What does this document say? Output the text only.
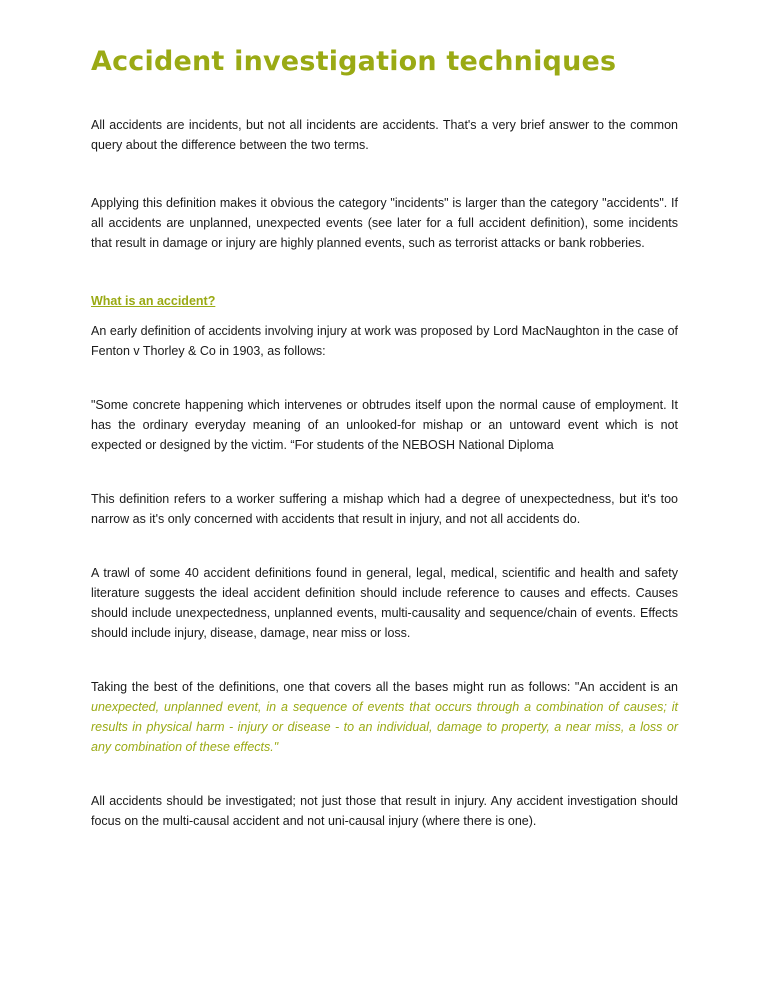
Accident investigation techniques

All accidents are incidents, but not all incidents are accidents. That's a very brief answer to the common query about the difference between the two terms.

Applying this definition makes it obvious the category "incidents" is larger than the category "accidents". If all accidents are unplanned, unexpected events (see later for a full accident definition), some incidents that result in damage or injury are highly planned events, such as terrorist attacks or bank robberies.

What is an accident?

An early definition of accidents involving injury at work was proposed by Lord MacNaughton in the case of Fenton v Thorley & Co in 1903, as follows:

"Some concrete happening which intervenes or obtrudes itself upon the normal cause of employment. It has the ordinary everyday meaning of an unlooked-for mishap or an untoward event which is not expected or designed by the victim. “For students of the NEBOSH National Diploma

This definition refers to a worker suffering a mishap which had a degree of unexpectedness, but it's too narrow as it's only concerned with accidents that result in injury, and not all accidents do.

A trawl of some 40 accident definitions found in general, legal, medical, scientific and health and safety literature suggests the ideal accident definition should include reference to causes and effects. Causes should include unexpectedness, unplanned events, multi-causality and sequence/chain of events. Effects should include injury, disease, damage, near miss or loss.

Taking the best of the definitions, one that covers all the bases might run as follows: "An accident is an unexpected, unplanned event, in a sequence of events that occurs through a combination of causes; it results in physical harm - injury or disease - to an individual, damage to property, a near miss, a loss or any combination of these effects."

All accidents should be investigated; not just those that result in injury. Any accident investigation should focus on the multi-causal accident and not uni-causal injury (where there is one).
